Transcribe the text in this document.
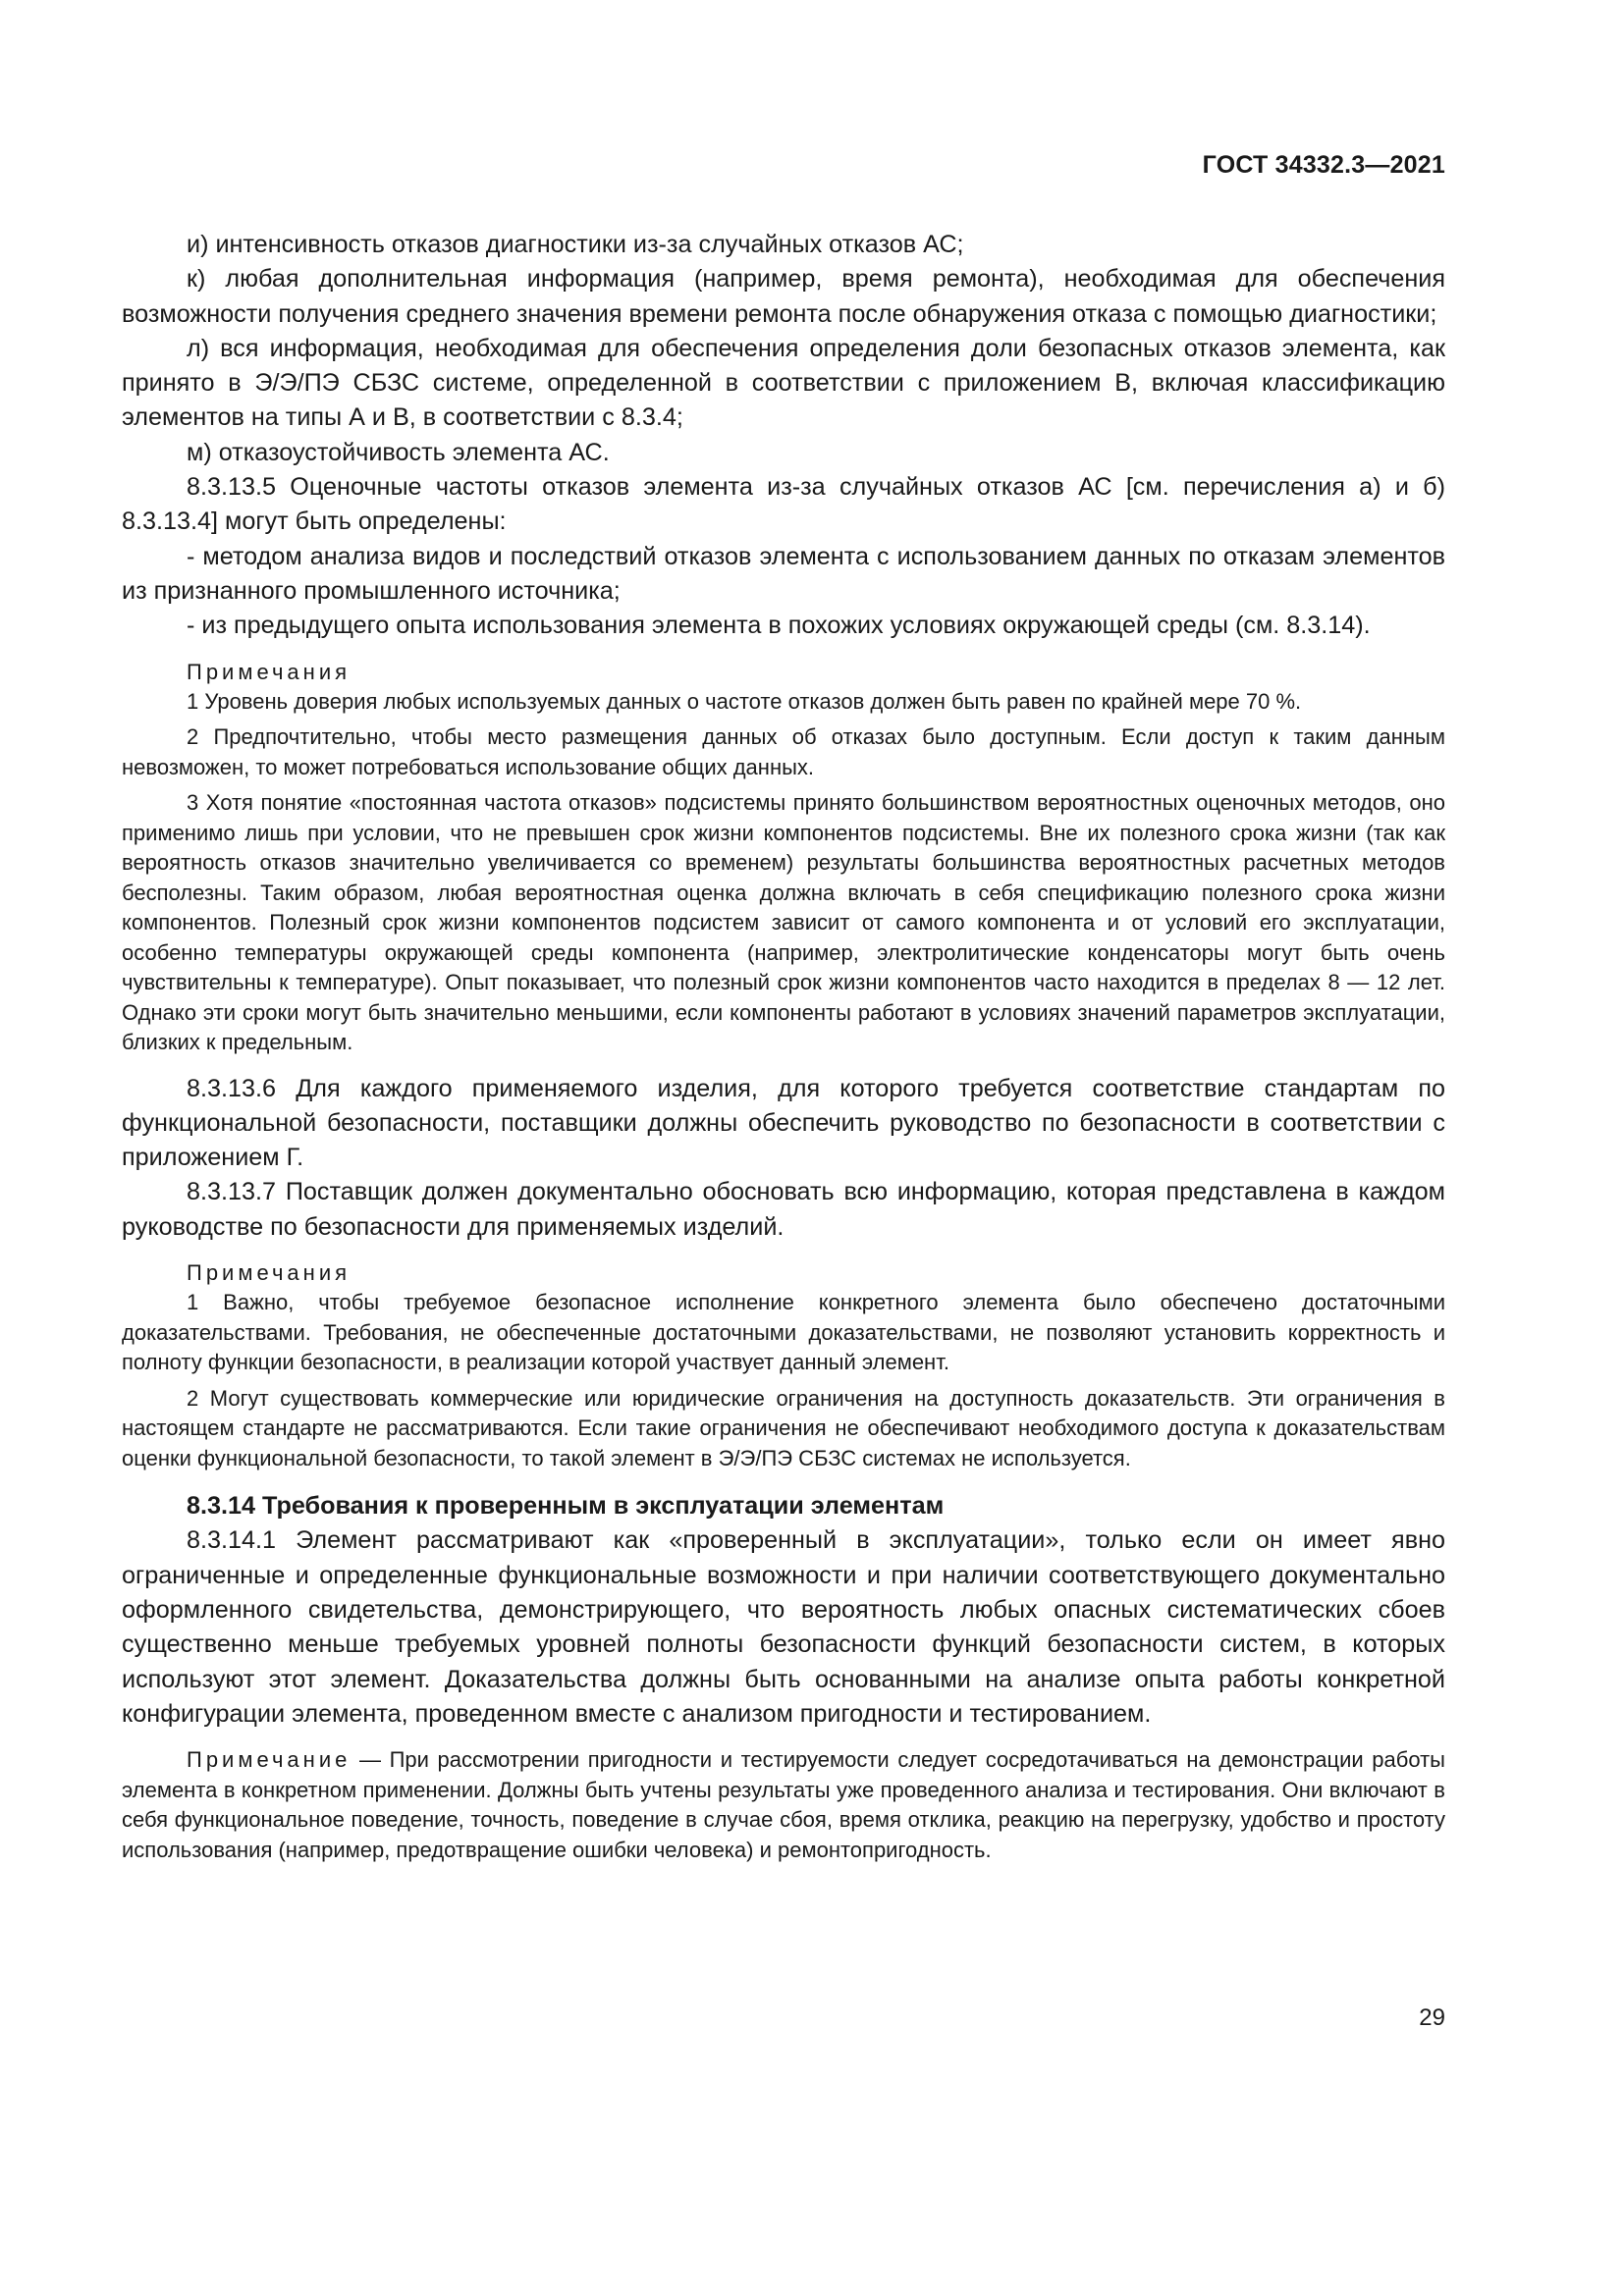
ГОСТ 34332.3—2021

и) интенсивность отказов диагностики из-за случайных отказов АС;

к) любая дополнительная информация (например, время ремонта), необходимая для обеспечения возможности получения среднего значения времени ремонта после обнаружения отказа с помощью диагностики;

л) вся информация, необходимая для обеспечения определения доли безопасных отказов элемента, как принято в Э/Э/ПЭ СБЗС системе, определенной в соответствии с приложением В, включая классификацию элементов на типы А и В, в соответствии с 8.3.4;

м) отказоустойчивость элемента АС.

8.3.13.5 Оценочные частоты отказов элемента из-за случайных отказов АС [см. перечисления а) и б) 8.3.13.4] могут быть определены:

- методом анализа видов и последствий отказов элемента с использованием данных по отказам элементов из признанного промышленного источника;

- из предыдущего опыта использования элемента в похожих условиях окружающей среды (см. 8.3.14).

Примечания

1 Уровень доверия любых используемых данных о частоте отказов должен быть равен по крайней мере 70 %.

2 Предпочтительно, чтобы место размещения данных об отказах было доступным. Если доступ к таким данным невозможен, то может потребоваться использование общих данных.

3 Хотя понятие «постоянная частота отказов» подсистемы принято большинством вероятностных оценочных методов, оно применимо лишь при условии, что не превышен срок жизни компонентов подсистемы. Вне их полезного срока жизни (так как вероятность отказов значительно увеличивается со временем) результаты большинства вероятностных расчетных методов бесполезны. Таким образом, любая вероятностная оценка должна включать в себя спецификацию полезного срока жизни компонентов. Полезный срок жизни компонентов подсистем зависит от самого компонента и от условий его эксплуатации, особенно температуры окружающей среды компонента (например, электролитические конденсаторы могут быть очень чувствительны к температуре). Опыт показывает, что полезный срок жизни компонентов часто находится в пределах 8 — 12 лет. Однако эти сроки могут быть значительно меньшими, если компоненты работают в условиях значений параметров эксплуатации, близких к предельным.

8.3.13.6 Для каждого применяемого изделия, для которого требуется соответствие стандартам по функциональной безопасности, поставщики должны обеспечить руководство по безопасности в соответствии с приложением Г.

8.3.13.7 Поставщик должен документально обосновать всю информацию, которая представлена в каждом руководстве по безопасности для применяемых изделий.

Примечания

1 Важно, чтобы требуемое безопасное исполнение конкретного элемента было обеспечено достаточными доказательствами. Требования, не обеспеченные достаточными доказательствами, не позволяют установить корректность и полноту функции безопасности, в реализации которой участвует данный элемент.

2 Могут существовать коммерческие или юридические ограничения на доступность доказательств. Эти ограничения в настоящем стандарте не рассматриваются. Если такие ограничения не обеспечивают необходимого доступа к доказательствам оценки функциональной безопасности, то такой элемент в Э/Э/ПЭ СБЗС системах не используется.

8.3.14 Требования к проверенным в эксплуатации элементам

8.3.14.1 Элемент рассматривают как «проверенный в эксплуатации», только если он имеет явно ограниченные и определенные функциональные возможности и при наличии соответствующего документально оформленного свидетельства, демонстрирующего, что вероятность любых опасных систематических сбоев существенно меньше требуемых уровней полноты безопасности функций безопасности систем, в которых используют этот элемент. Доказательства должны быть основанными на анализе опыта работы конкретной конфигурации элемента, проведенном вместе с анализом пригодности и тестированием.

Примечание — При рассмотрении пригодности и тестируемости следует сосредотачиваться на демонстрации работы элемента в конкретном применении. Должны быть учтены результаты уже проведенного анализа и тестирования. Они включают в себя функциональное поведение, точность, поведение в случае сбоя, время отклика, реакцию на перегрузку, удобство и простоту использования (например, предотвращение ошибки человека) и ремонтопригодность.

29
